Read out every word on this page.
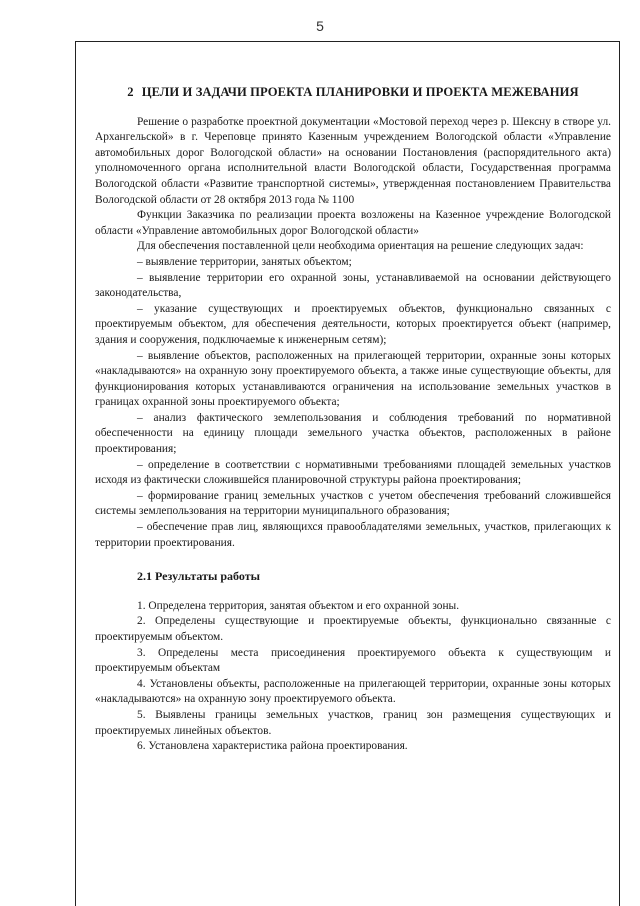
5
2 ЦЕЛИ И ЗАДАЧИ ПРОЕКТА ПЛАНИРОВКИ И ПРОЕКТА МЕЖЕВАНИЯ

Решение о разработке проектной документации «Мостовой переход через р. Шексну в створе ул. Архангельской» в г. Череповце принято Казенным учреждением Вологодской области «Управление автомобильных дорог Вологодской области» на основании Постановления (распорядительного акта) уполномоченного органа исполнительной власти Вологодской области, Государственная программа Вологодской области «Развитие транспортной системы», утвержденная постановлением Правительства Вологодской области от 28 октября 2013 года № 1100

Функции Заказчика по реализации проекта возложены на Казенное учреждение Вологодской области «Управление автомобильных дорог Вологодской области»

Для обеспечения поставленной цели необходима ориентация на решение следующих задач:

– выявление территории, занятых объектом;
– выявление территории его охранной зоны, устанавливаемой на основании действующего законодательства,
– указание существующих и проектируемых объектов, функционально связанных с проектируемым объектом, для обеспечения деятельности, которых проектируется объект (например, здания и сооружения, подключаемые к инженерным сетям);
– выявление объектов, расположенных на прилегающей территории, охранные зоны которых «накладываются» на охранную зону проектируемого объекта, а также иные существующие объекты, для функционирования которых устанавливаются ограничения на использование земельных участков в границах охранной зоны проектируемого объекта;
– анализ фактического землепользования и соблюдения требований по нормативной обеспеченности на единицу площади земельного участка объектов, расположенных в районе проектирования;
– определение в соответствии с нормативными требованиями площадей земельных участков исходя из фактически сложившейся планировочной структуры района проектирования;
– формирование границ земельных участков с учетом обеспечения требований сложившейся системы землепользования на территории муниципального образования;
– обеспечение прав лиц, являющихся правообладателями земельных, участков, прилегающих к территории проектирования.
2.1 Результаты работы
1. Определена территория, занятая объектом и его охранной зоны.
2. Определены существующие и проектируемые объекты, функционально связанные с проектируемым объектом.
3. Определены места присоединения проектируемого объекта к существующим и проектируемым объектам
4. Установлены объекты, расположенные на прилегающей территории, охранные зоны которых «накладываются» на охранную зону проектируемого объекта.
5. Выявлены границы земельных участков, границ зон размещения существующих и проектируемых линейных объектов.
6. Установлена характеристика района проектирования.
